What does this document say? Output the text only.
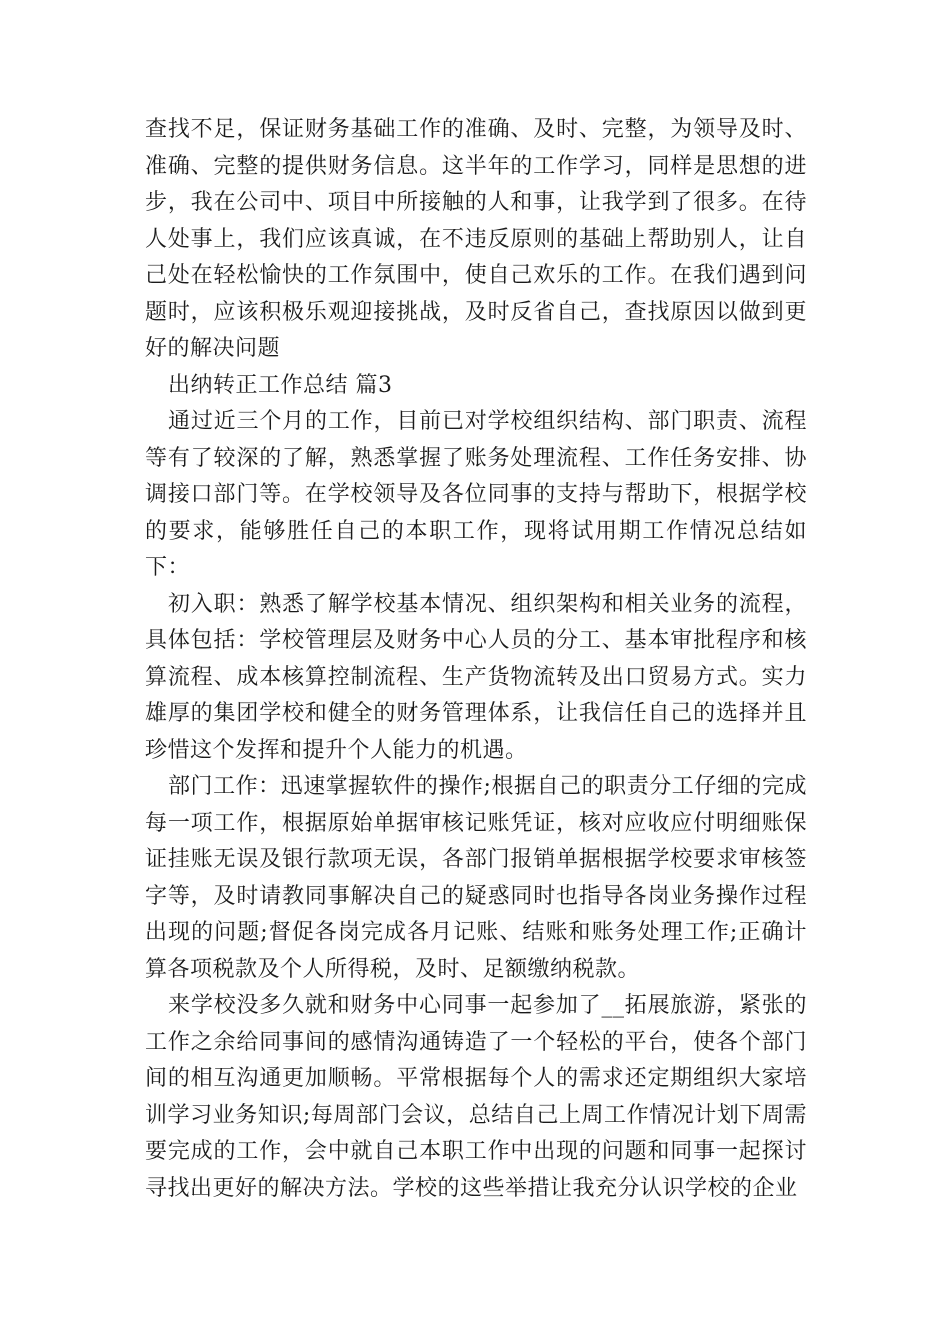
查找不足，保证财务基础工作的准确、及时、完整，为领导及时、准确、完整的提供财务信息。这半年的工作学习，同样是思想的进步，我在公司中、项目中所接触的人和事，让我学到了很多。在待人处事上，我们应该真诚，在不违反原则的基础上帮助别人，让自己处在轻松愉快的工作氛围中，使自己欢乐的工作。在我们遇到问题时，应该积极乐观迎接挑战，及时反省自己，查找原因以做到更好的解决问题

出纳转正工作总结 篇3

通过近三个月的工作，目前已对学校组织结构、部门职责、流程等有了较深的了解，熟悉掌握了账务处理流程、工作任务安排、协调接口部门等。在学校领导及各位同事的支持与帮助下，根据学校的要求，能够胜任自己的本职工作，现将试用期工作情况总结如下：

初入职：熟悉了解学校基本情况、组织架构和相关业务的流程，具体包括：学校管理层及财务中心人员的分工、基本审批程序和核算流程、成本核算控制流程、生产货物流转及出口贸易方式。实力雄厚的集团学校和健全的财务管理体系，让我信任自己的选择并且珍惜这个发挥和提升个人能力的机遇。

部门工作：迅速掌握软件的操作;根据自己的职责分工仔细的完成每一项工作，根据原始单据审核记账凭证，核对应收应付明细账保证挂账无误及银行款项无误，各部门报销单据根据学校要求审核签字等，及时请教同事解决自己的疑惑同时也指导各岗业务操作过程出现的问题;督促各岗完成各月记账、结账和账务处理工作;正确计算各项税款及个人所得税，及时、足额缴纳税款。

来学校没多久就和财务中心同事一起参加了__拓展旅游，紧张的工作之余给同事间的感情沟通铸造了一个轻松的平台，使各个部门间的相互沟通更加顺畅。平常根据每个人的需求还定期组织大家培训学习业务知识;每周部门会议，总结自己上周工作情况计划下周需要完成的工作，会中就自己本职工作中出现的问题和同事一起探讨寻找出更好的解决方法。学校的这些举措让我充分认识学校的企业
